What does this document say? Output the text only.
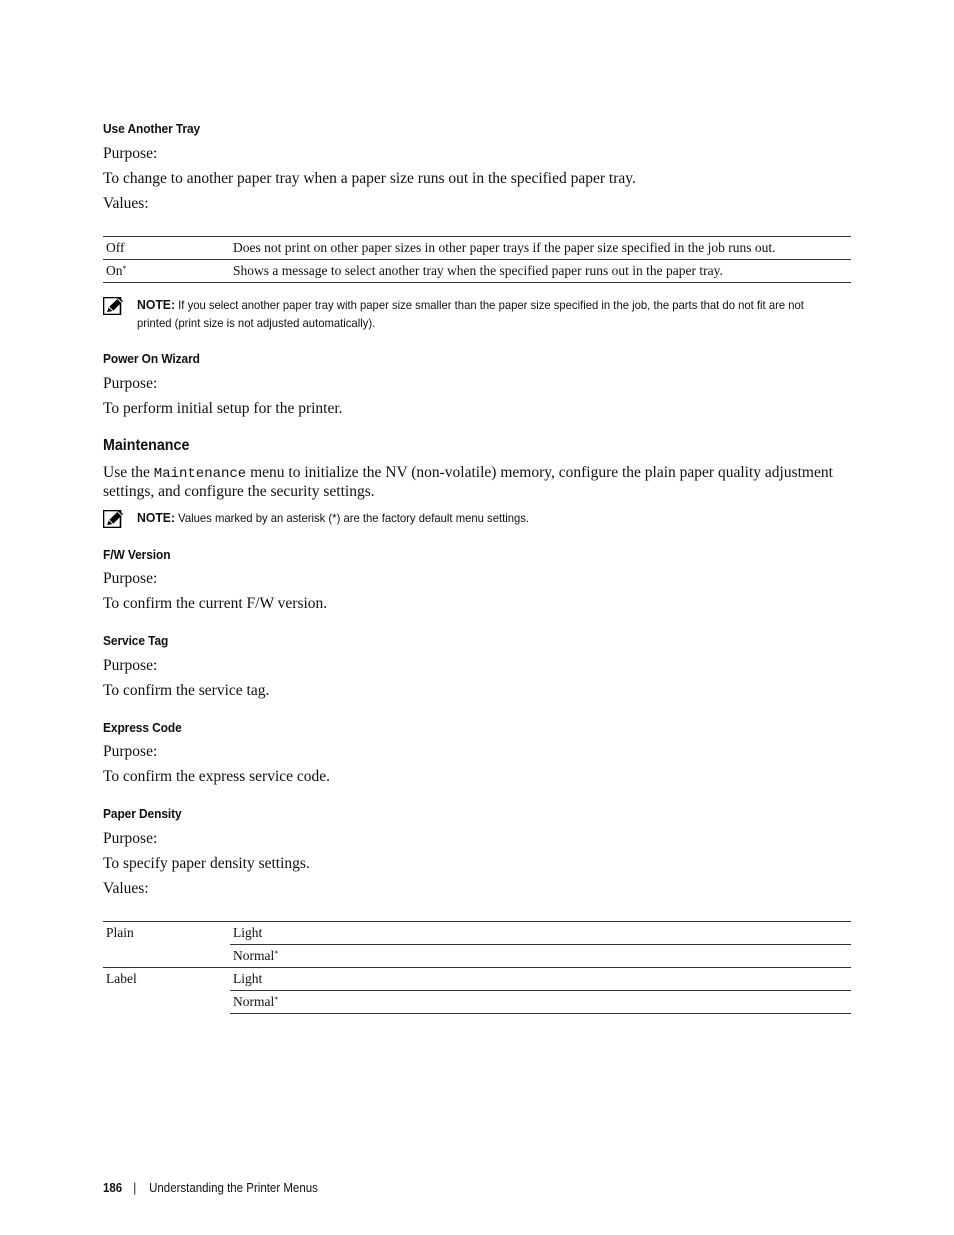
Use Another Tray
Purpose:
To change to another paper tray when a paper size runs out in the specified paper tray.
Values:
Off	Does not print on other paper sizes in other paper trays if the paper size specified in the job runs out.
On*	Shows a message to select another tray when the specified paper runs out in the paper tray.
NOTE: If you select another paper tray with paper size smaller than the paper size specified in the job, the parts that do not fit are not printed (print size is not adjusted automatically).
Power On Wizard
Purpose:
To perform initial setup for the printer.
Maintenance
Use the Maintenance menu to initialize the NV (non-volatile) memory, configure the plain paper quality adjustment settings, and configure the security settings.
NOTE: Values marked by an asterisk (*) are the factory default menu settings.
F/W Version
Purpose:
To confirm the current F/W version.
Service Tag
Purpose:
To confirm the service tag.
Express Code
Purpose:
To confirm the express service code.
Paper Density
Purpose:
To specify paper density settings.
Values:
Plain	Light
	Normal*
Label	Light
	Normal*
186 | Understanding the Printer Menus
